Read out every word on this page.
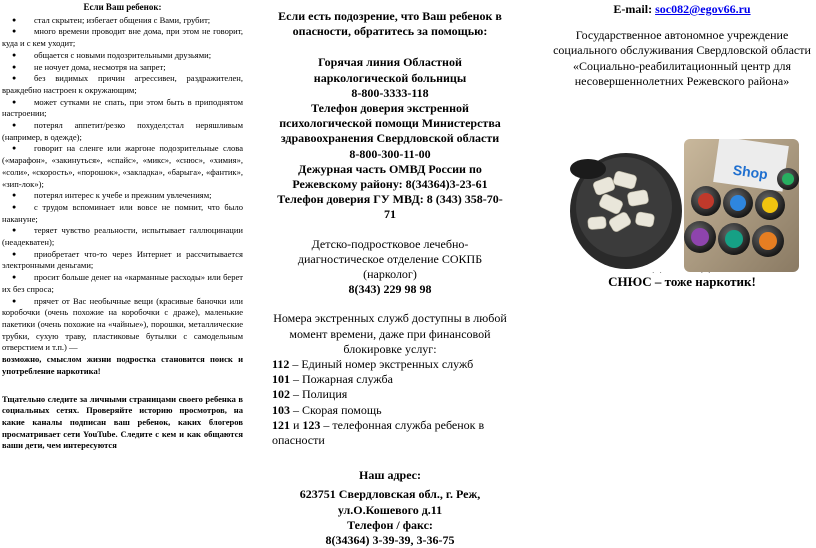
Если Ваш ребенок:
● стал скрытен; избегает общения с Вами, грубит;
● много времени проводит вне дома, при этом не говорит, куда и с кем уходит;
● общается с новыми подозрительными друзьями;
● не ночует дома, несмотря на запрет;
● без видимых причин агрессивен, раздражителен, враждебно настроен к окружающим;
● может сутками не спать, при этом быть в приподнятом настроении;
● потерял аппетит/резко похудел;стал неряшливым (например, в одежде);
● говорит на сленге или жаргоне подозрительные слова («марафон», «закинуться», «спайс», «микс», «снюс», «химия», «соли», «скорость», «порошок», «закладка», «барыга», «фантик», «зип-лок»);
● потерял интерес к учебе и прежним увлечениям;
● с трудом вспоминает или вовсе не помнит, что было накануне;
● теряет чувство реальности, испытывает галлюцинации (неадекватен);
● приобретает что-то через Интернет и рассчитывается электронными деньгами;
● просит больше денег на «карманные расходы» или берет их без спроса;
● прячет от Вас необычные вещи (красивые баночки или коробочки (очень похожие на коробочки с драже), маленькие пакетики (очень похожие на «чайные»), порошки, металлические трубки, сухую траву, пластиковые бутылки с самодельным отверстием и т.п.) —
возможно, смыслом жизни подростка становится поиск и употребление наркотика!
Тщательно следите за личными страницами своего ребенка в социальных сетях. Проверяйте историю просмотров, на какие каналы подписан ваш ребенок, каких блогеров просматривает сети YouTube. Следите с кем и как общаются ваши дети, чем интересуются
Если есть подозрение, что Ваш ребенок в опасности, обратитесь за помощью:
Горячая линия Областной наркологической больницы
8-800-3333-118
Телефон доверия экстренной психологической помощи Министерства здравоохранения Свердловской области
8-800-300-11-00
Дежурная часть ОМВД России по Режевскому району: 8(34364)3-23-61
Телефон доверия ГУ МВД: 8 (343) 358-70-71
Детско-подростковое лечебно-диагностическое отделение СОКПБ (нарколог)
8(343) 229 98 98
Номера экстренных служб доступны в любой момент времени, даже при финансовой блокировке услуг:
112 – Единый номер экстренных служб
101 – Пожарная служба
102 – Полиция
103 – Скорая помощь
121 и 123 – телефонная служба ребенок в опасности
Наш адрес:
623751 Свердловская обл., г. Реж,
ул.О.Кошевого д.11
Телефон / факс:
8(34364) 3-39-39, 3-36-75
E-mail: soc082@egov66.ru
Государственное автономное учреждение социального обслуживания Свердловской области «Социально-реабилитационный центр для несовершеннолетних Режевского района»
СНЮС – тоже наркотик!
Shop
